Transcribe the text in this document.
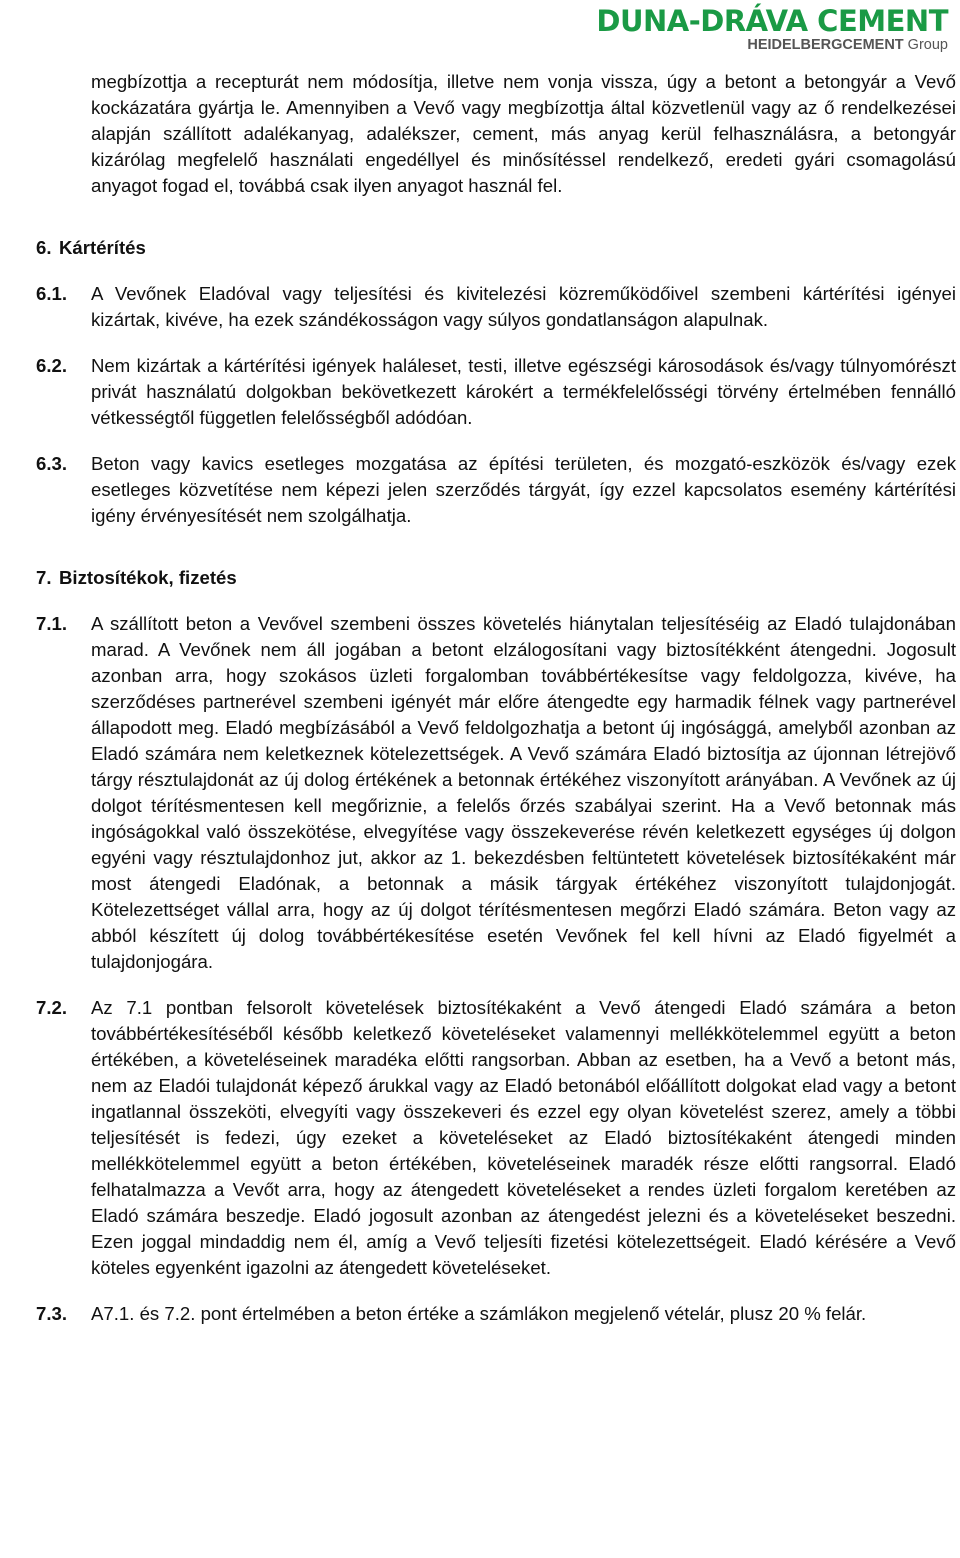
DUNA-DRÁVA CEMENT
HEIDELBERGCEMENT Group

megbízottja a recepturát nem módosítja, illetve nem vonja vissza, úgy a betont a betongyár a Vevő kockázatára gyártja le. Amennyiben a Vevő vagy megbízottja által közvetlenül vagy az ő rendelkezései alapján szállított adalékanyag, adalékszer, cement, más anyag kerül felhasználásra, a betongyár kizárólag megfelelő használati engedéllyel és minősítéssel rendelkező, eredeti gyári csomagolású anyagot fogad el, továbbá csak ilyen anyagot használ fel.

6. Kártérítés
6.1.	A Vevőnek Eladóval vagy teljesítési és kivitelezési közreműködőivel szembeni kártérítési igényei kizártak, kivéve, ha ezek szándékosságon vagy súlyos gondatlanságon alapulnak.

6.2.	Nem kizártak a kártérítési igények haláleset, testi, illetve egészségi károsodások és/vagy túlnyomórészt privát használatú dolgokban bekövetkezett károkért a termékfelelősségi törvény értelmében fennálló vétkességtől független felelősségből adódóan.

6.3.	Beton vagy kavics esetleges mozgatása az építési területen, és mozgató-eszközök és/vagy ezek esetleges közvetítése nem képezi jelen szerződés tárgyát, így ezzel kapcsolatos esemény kártérítési igény érvényesítését nem szolgálhatja.

7. Biztosítékok, fizetés
7.1.	A szállított beton a Vevővel szembeni összes követelés hiánytalan teljesítéséig az Eladó tulajdonában marad. A Vevőnek nem áll jogában a betont elzálogosítani vagy biztosítékként átengedni. Jogosult azonban arra, hogy szokásos üzleti forgalomban továbbértékesítse vagy feldolgozza, kivéve, ha szerződéses partnerével szembeni igényét már előre átengedte egy harmadik félnek vagy partnerével állapodott meg. Eladó megbízásából a Vevő feldolgozhatja a betont új ingósággá, amelyből azonban az Eladó számára nem keletkeznek kötelezettségek. A Vevő számára Eladó biztosítja az újonnan létrejövő tárgy résztulajdonát az új dolog értékének a betonnak értékéhez viszonyított arányában. A Vevőnek az új dolgot térítésmentesen kell megőriznie, a felelős őrzés szabályai szerint. Ha a Vevő betonnak más ingóságokkal való összekötése, elvegyítése vagy összekeverése révén keletkezett egységes új dolgon egyéni vagy résztulajdonhoz jut, akkor az 1. bekezdésben feltüntetett követelések biztosítékaként már most átengedi Eladónak, a betonnak a másik tárgyak értékéhez viszonyított tulajdonjogát. Kötelezettséget vállal arra, hogy az új dolgot térítésmentesen megőrzi Eladó számára. Beton vagy az abból készített új dolog továbbértékesítése esetén Vevőnek fel kell hívni az Eladó figyelmét a tulajdonjogára.

7.2.	Az 7.1 pontban felsorolt követelések biztosítékaként a Vevő átengedi Eladó számára a beton továbbértékesítéséből később keletkező követeléseket valamennyi mellékkötelemmel együtt a beton értékében, a követeléseinek maradéka előtti rangsorban. Abban az esetben, ha a Vevő a betont más, nem az Eladói tulajdonát képező árukkal vagy az Eladó betonából előállított dolgokat elad vagy a betont ingatlannal összeköti, elvegyíti vagy összekeveri és ezzel egy olyan követelést szerez, amely a többi teljesítését is fedezi, úgy ezeket a követeléseket az Eladó biztosítékaként átengedi minden mellékkötelemmel együtt a beton értékében, követeléseinek maradék része előtti rangsorral. Eladó felhatalmazza a Vevőt arra, hogy az átengedett követeléseket a rendes üzleti forgalom keretében az Eladó számára beszedje. Eladó jogosult azonban az átengedést jelezni és a követeléseket beszedni. Ezen joggal mindaddig nem él, amíg a Vevő teljesíti fizetési kötelezettségeit. Eladó kérésére a Vevő köteles egyenként igazolni az átengedett követeléseket.

7.3.	A7.1. és 7.2. pont értelmében a beton értéke a számlákon megjelenő vételár, plusz 20 % felár.
